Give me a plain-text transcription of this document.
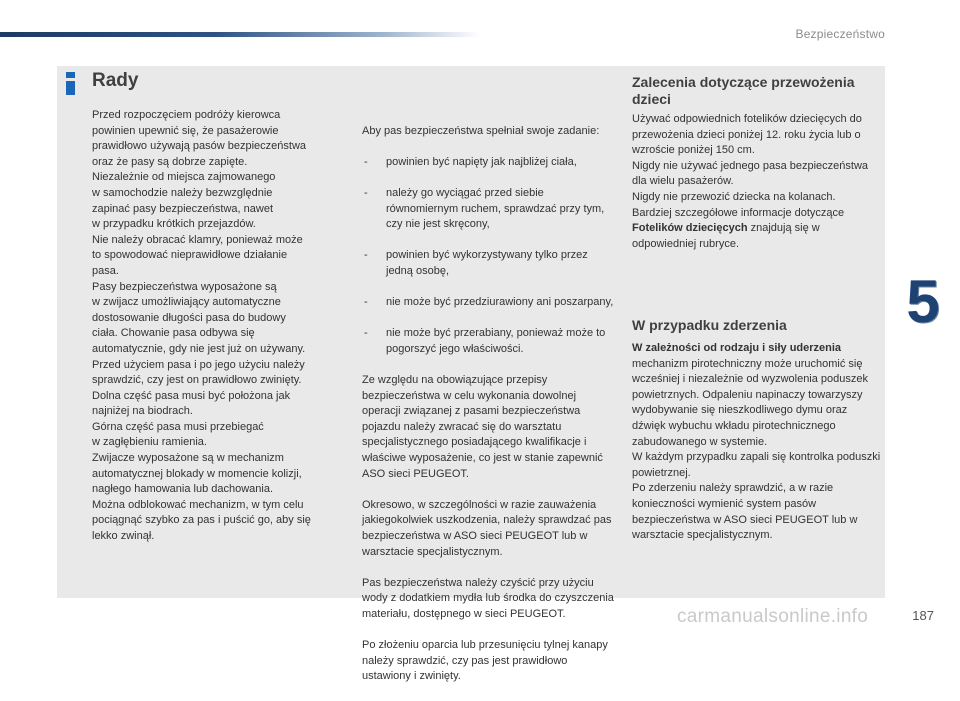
Bezpieczeństwo
Rady
Przed rozpoczęciem podróży kierowca
powinien upewnić się, że pasażerowie
prawidłowo używają pasów bezpieczeństwa
oraz że pasy są dobrze zapięte.
Niezależnie od miejsca zajmowanego
w samochodzie należy bezwzględnie
zapinać pasy bezpieczeństwa, nawet
w przypadku krótkich przejazdów.
Nie należy obracać klamry, ponieważ może
to spowodować nieprawidłowe działanie
pasa.
Pasy bezpieczeństwa wyposażone są
w zwijacz umożliwiający automatyczne
dostosowanie długości pasa do budowy
ciała. Chowanie pasa odbywa się
automatycznie, gdy nie jest już on używany.
Przed użyciem pasa i po jego użyciu należy
sprawdzić, czy jest on prawidłowo zwinięty.
Dolna część pasa musi być położona jak
najniżej na biodrach.
Górna część pasa musi przebiegać
w zagłębieniu ramienia.
Zwijacze wyposażone są w mechanizm
automatycznej blokady w momencie kolizji,
nagłego hamowania lub dachowania.
Można odblokować mechanizm, w tym celu
pociągnąć szybko za pas i puścić go, aby się
lekko zwinął.

Aby pas bezpieczeństwa spełniał swoje zadanie:

- powinien być napięty jak najbliżej ciała,

- należy go wyciągać przed siebie równomiernym ruchem, sprawdzać przy tym, czy nie jest skręcony,

- powinien być wykorzystywany tylko przez jedną osobę,

- nie może być przedziurawiony ani poszarpany,

- nie może być przerabiany, ponieważ może to pogorszyć jego właściwości.

Ze względu na obowiązujące przepisy bezpieczeństwa w celu wykonania dowolnej operacji związanej z pasami bezpieczeństwa pojazdu należy zwracać się do warsztatu specjalistycznego posiadającego kwalifikacje i właściwe wyposażenie, co jest w stanie zapewnić ASO sieci PEUGEOT.

Okresowo, w szczególności w razie zauważenia jakiegokolwiek uszkodzenia, należy sprawdzać pas bezpieczeństwa w ASO sieci PEUGEOT lub w warsztacie specjalistycznym.

Pas bezpieczeństwa należy czyścić przy użyciu wody z dodatkiem mydła lub środka do czyszczenia materiału, dostępnego w sieci PEUGEOT.

Po złożeniu oparcia lub przesunięciu tylnej kanapy należy sprawdzić, czy pas jest prawidłowo ustawiony i zwinięty.

Zalecenia dotyczące przewożenia dzieci
Używać odpowiednich fotelików dziecięcych do przewożenia dzieci poniżej 12. roku życia lub o wzroście poniżej 150 cm.
Nigdy nie używać jednego pasa bezpieczeństwa dla wielu pasażerów.
Nigdy nie przewozić dziecka na kolanach.
Bardziej szczegółowe informacje dotyczące Fotelików dziecięcych znajdują się w odpowiedniej rubryce.
W przypadku zderzenia
W zależności od rodzaju i siły uderzenia mechanizm pirotechniczny może uruchomić się wcześniej i niezależnie od wyzwolenia poduszek powietrznych. Odpaleniu napinaczy towarzyszy wydobywanie się nieszkodliwego dymu oraz dźwięk wybuchu wkładu pirotechnicznego zabudowanego w systemie.
W każdym przypadku zapali się kontrolka poduszki powietrznej.
Po zderzeniu należy sprawdzić, a w razie konieczności wymienić system pasów bezpieczeństwa w ASO sieci PEUGEOT lub w warsztacie specjalistycznym.
5
carmanualsonline.info	187
